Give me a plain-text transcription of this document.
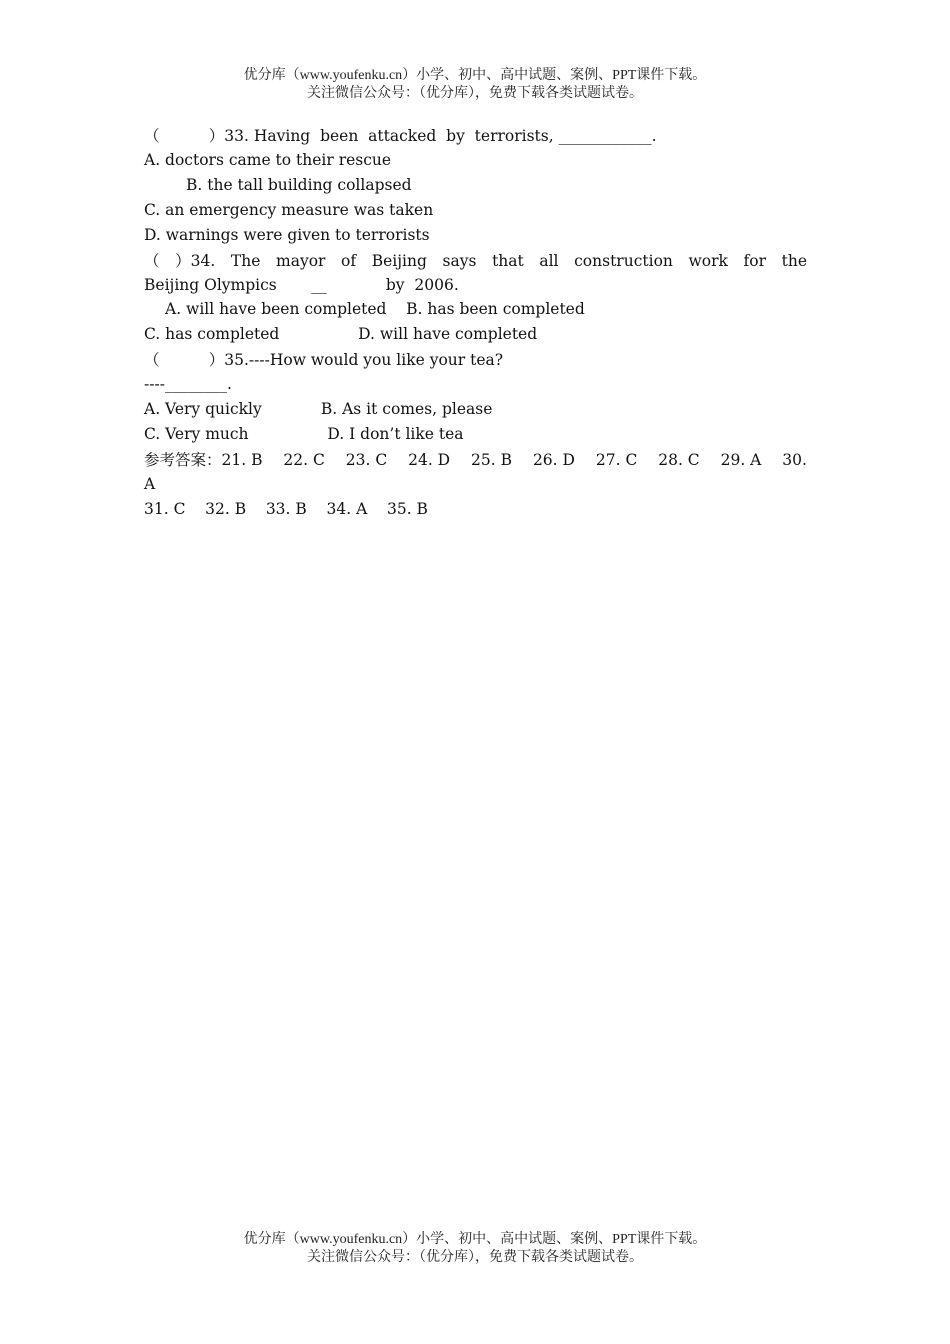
优分库（www.youfenku.cn）小学、初中、高中试题、案例、PPT课件下载。
关注微信公众号：（优分库），免费下载各类试题试卷。
（          ）33. Having  been  attacked  by  terrorists, ____________.
A. doctors came to their rescue
B. the tall building collapsed
C. an emergency measure was taken
D. warnings were given to terrorists
（ ）34. The mayor of Beijing says that all construction work for the
Beijing Olympics       __            by  2006.
A. will have been completed    B. has been completed
C. has completed                D. will have completed
（          ）35.----How would you like your tea?
----________.
A. Very quickly            B. As it comes, please
C. Very much                D. I don’t like tea
参考答案：21. B 22. C 23. C 24. D 25. B 26. D 27. C 28. C 29. A 30.
A
31. C    32. B    33. B    34. A    35. B
优分库（www.youfenku.cn）小学、初中、高中试题、案例、PPT课件下载。
关注微信公众号：（优分库），免费下载各类试题试卷。
